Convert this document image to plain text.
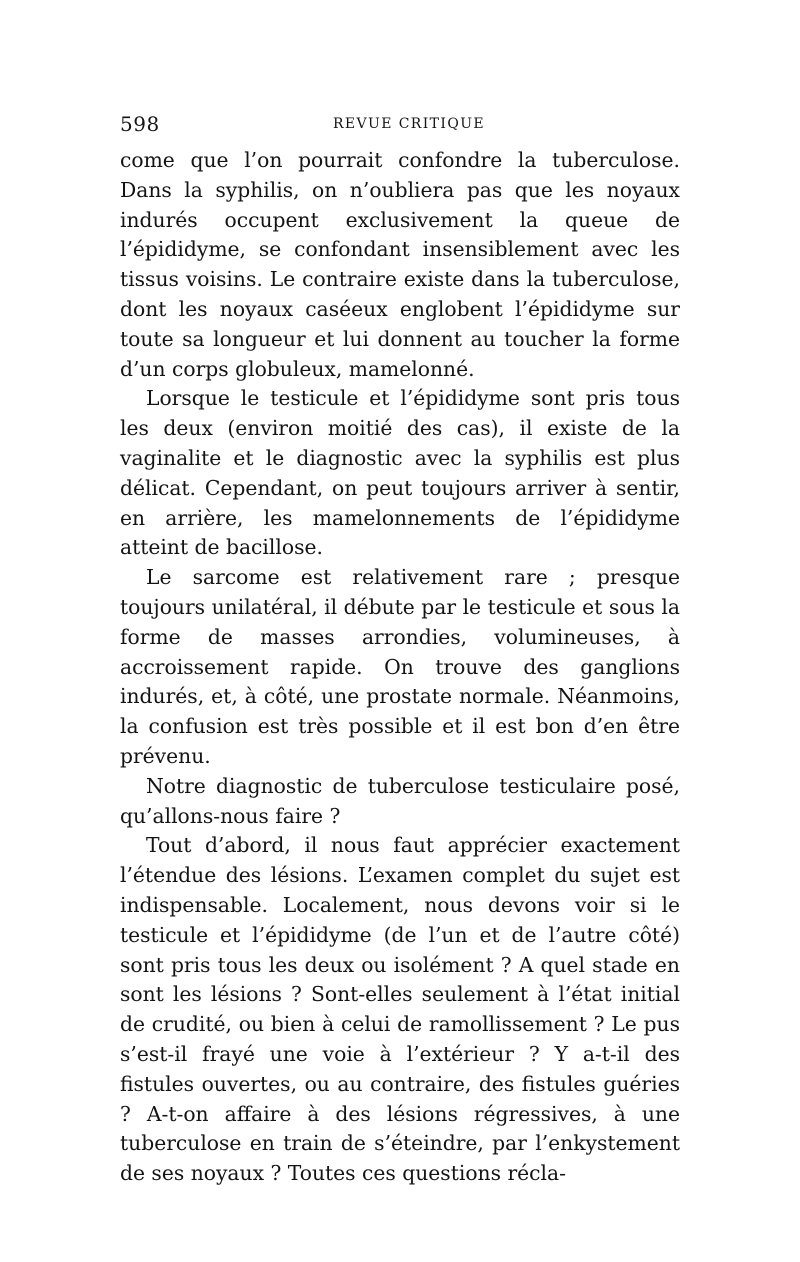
598	REVUE CRITIQUE

come que l’on pourrait confondre la tuberculose. Dans la syphilis, on n’oubliera pas que les noyaux indurés occupent exclusivement la queue de l’épididyme, se confondant insensiblement avec les tissus voisins. Le contraire existe dans la tuberculose, dont les noyaux caséeux englobent l’épididyme sur toute sa longueur et lui donnent au toucher la forme d’un corps globuleux, mamelonné.

Lorsque le testicule et l’épididyme sont pris tous les deux (environ moitié des cas), il existe de la vaginalite et le diagnostic avec la syphilis est plus délicat. Cependant, on peut toujours arriver à sentir, en arrière, les mamelonnements de l’épididyme atteint de bacillose.

Le sarcome est relativement rare ; presque toujours unilatéral, il débute par le testicule et sous la forme de masses arrondies, volumineuses, à accroissement rapide. On trouve des ganglions indurés, et, à côté, une prostate normale. Néanmoins, la confusion est très possible et il est bon d’en être prévenu.

Notre diagnostic de tuberculose testiculaire posé, qu’allons-nous faire ?

Tout d’abord, il nous faut apprécier exactement l’étendue des lésions. L’examen complet du sujet est indispensable. Localement, nous devons voir si le testicule et l’épididyme (de l’un et de l’autre côté) sont pris tous les deux ou isolément ? A quel stade en sont les lésions ? Sont-elles seulement à l’état initial de crudité, ou bien à celui de ramollissement ? Le pus s’est-il frayé une voie à l’extérieur ? Y a-t-il des fistules ouvertes, ou au contraire, des fistules guéries ? A-t-on affaire à des lésions régressives, à une tuberculose en train de s’éteindre, par l’enkystement de ses noyaux ? Toutes ces questions récla-
